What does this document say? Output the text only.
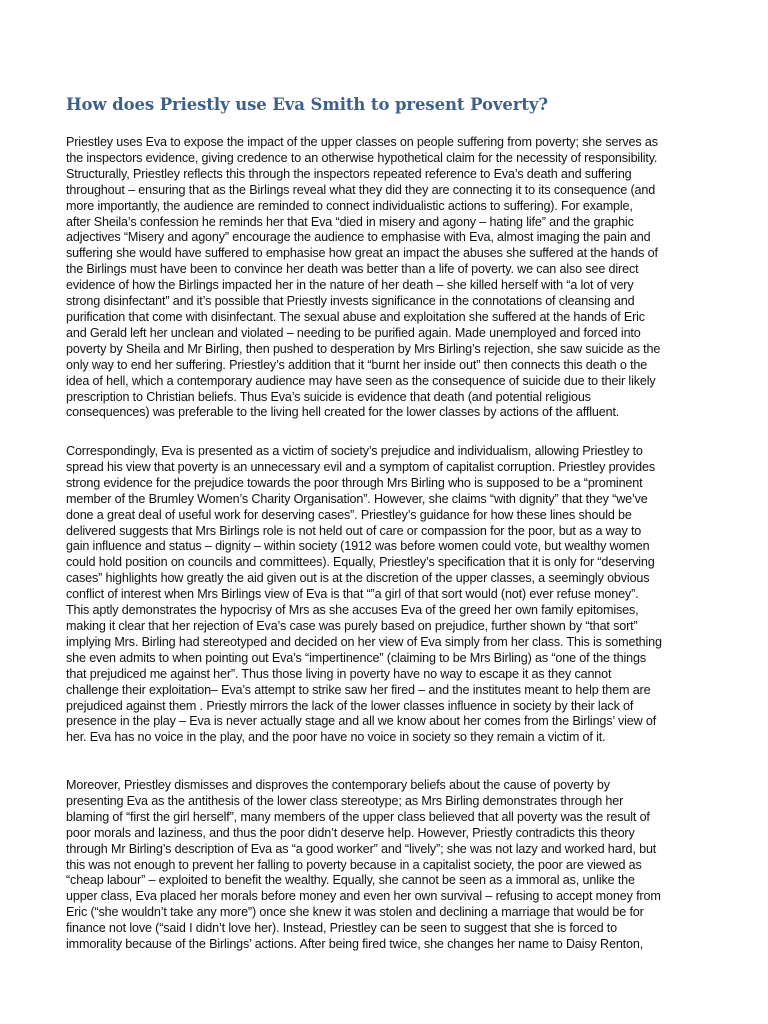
How does Priestly use Eva Smith to present Poverty?

Priestley uses Eva to expose the impact of the upper classes on people suffering from poverty; she serves as
the inspectors evidence, giving credence to an otherwise hypothetical claim for the necessity of responsibility.
Structurally, Priestley reflects this through the inspectors repeated reference to Eva’s death and suffering
throughout – ensuring that as the Birlings reveal what they did they are connecting it to its consequence (and
more importantly, the audience are reminded to connect individualistic actions to suffering). For example,
after Sheila’s confession he reminds her that Eva “died in misery and agony – hating life” and the graphic
adjectives “Misery and agony” encourage the audience to emphasise with Eva, almost imaging the pain and
suffering she would have suffered to emphasise how great an impact the abuses she suffered at the hands of
the Birlings must have been to convince her death was better than a life of poverty. we can also see direct
evidence of how the Birlings impacted her in the nature of her death – she killed herself with “a lot of very
strong disinfectant” and it’s possible that Priestly invests significance in the connotations of cleansing and
purification that come with disinfectant. The sexual abuse and exploitation she suffered at the hands of Eric
and Gerald left her unclean and violated – needing to be purified again. Made unemployed and forced into
poverty by Sheila and Mr Birling, then pushed to desperation by Mrs Birling’s rejection, she saw suicide as the
only way to end her suffering. Priestley’s addition that it “burnt her inside out” then connects this death o the
idea of hell, which a contemporary audience may have seen as the consequence of suicide due to their likely
prescription to Christian beliefs. Thus Eva’s suicide is evidence that death (and potential religious
consequences) was preferable to the living hell created for the lower classes by actions of the affluent.

Correspondingly, Eva is presented as a victim of society’s prejudice and individualism, allowing Priestley to
spread his view that poverty is an unnecessary evil and a symptom of capitalist corruption. Priestley provides
strong evidence for the prejudice towards the poor through Mrs Birling who is supposed to be a “prominent
member of the Brumley Women’s Charity Organisation”. However, she claims “with dignity” that they “we’ve
done a great deal of useful work for deserving cases”. Priestley’s guidance for how these lines should be
delivered suggests that Mrs Birlings role is not held out of care or compassion for the poor, but as a way to
gain influence and status – dignity – within society (1912 was before women could vote, but wealthy women
could hold position on councils and committees). Equally, Priestley’s specification that it is only for “deserving
cases” highlights how greatly the aid given out is at the discretion of the upper classes, a seemingly obvious
conflict of interest when Mrs Birlings view of Eva is that “”a girl of that sort would (not) ever refuse money”.
This aptly demonstrates the hypocrisy of Mrs as she accuses Eva of the greed her own family epitomises,
making it clear that her rejection of Eva’s case was purely based on prejudice, further shown by “that sort”
implying Mrs. Birling had stereotyped and decided on her view of Eva simply from her class. This is something
she even admits to when pointing out Eva’s “impertinence” (claiming to be Mrs Birling) as “one of the things
that prejudiced me against her”. Thus those living in poverty have no way to escape it as they cannot
challenge their exploitation– Eva’s attempt to strike saw her fired – and the institutes meant to help them are
prejudiced against them . Priestly mirrors the lack of the lower classes influence in society by their lack of
presence in the play – Eva is never actually stage and all we know about her comes from the Birlings’ view of
her. Eva has no voice in the play, and the poor have no voice in society so they remain a victim of it.

Moreover, Priestley dismisses and disproves the contemporary beliefs about the cause of poverty by
presenting Eva as the antithesis of the lower class stereotype; as Mrs Birling demonstrates through her
blaming of “first the girl herself”, many members of the upper class believed that all poverty was the result of
poor morals and laziness, and thus the poor didn’t deserve help. However, Priestly contradicts this theory
through Mr Birling’s description of Eva as “a good worker” and “lively”; she was not lazy and worked hard, but
this was not enough to prevent her falling to poverty because in a capitalist society, the poor are viewed as
“cheap labour” – exploited to benefit the wealthy. Equally, she cannot be seen as a immoral as, unlike the
upper class, Eva placed her morals before money and even her own survival – refusing to accept money from
Eric (“she wouldn’t take any more”) once she knew it was stolen and declining a marriage that would be for
finance not love (“said I didn’t love her). Instead, Priestley can be seen to suggest that she is forced to
immorality because of the Birlings’ actions. After being fired twice, she changes her name to Daisy Renton,
